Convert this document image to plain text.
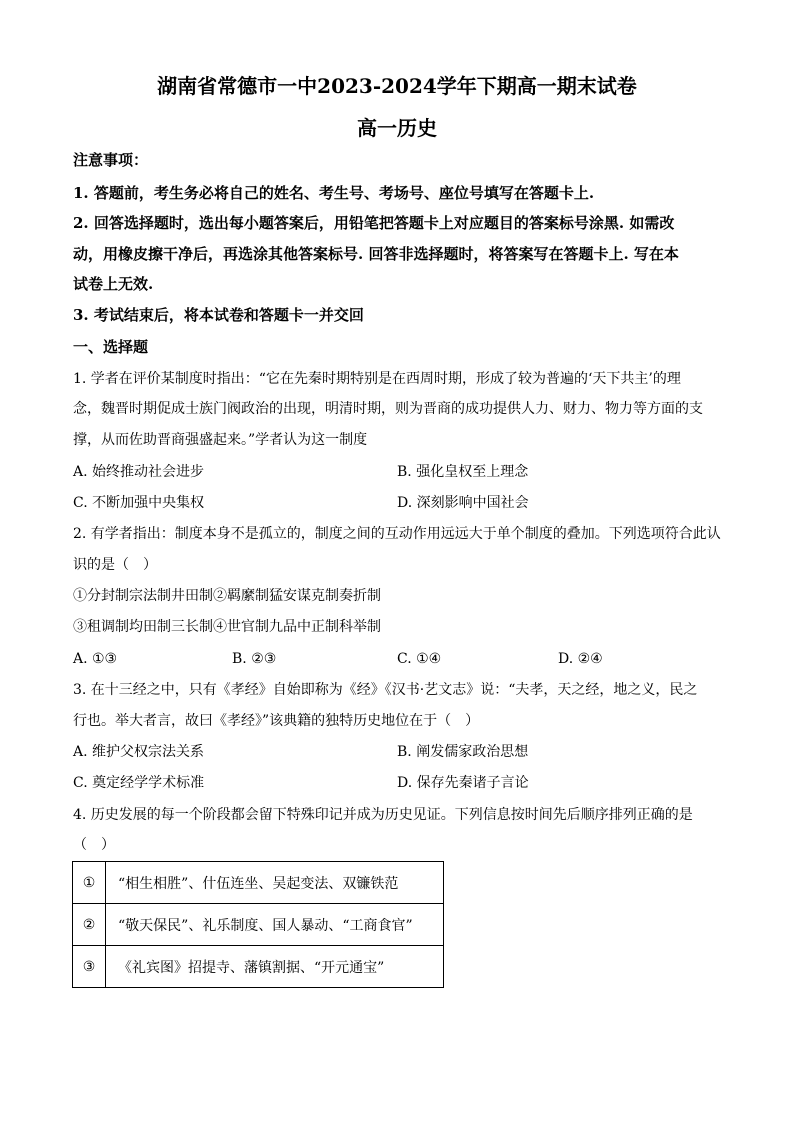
湖南省常德市一中2023-2024学年下期高一期末试卷
高一历史
注意事项：
1. 答题前，考生务必将自己的姓名、考生号、考场号、座位号填写在答题卡上.
2. 回答选择题时，选出每小题答案后，用铅笔把答题卡上对应题目的答案标号涂黑. 如需改
动，用橡皮擦干净后，再选涂其他答案标号. 回答非选择题时，将答案写在答题卡上. 写在本
试卷上无效.
3. 考试结束后，将本试卷和答题卡一并交回
一、选择题
1. 学者在评价某制度时指出：“它在先秦时期特别是在西周时期，形成了较为普遍的‘天下共主’的理
念，魏晋时期促成士族门阀政治的出现，明清时期，则为晋商的成功提供人力、财力、物力等方面的支
撑，从而佐助晋商强盛起来。”学者认为这一制度
A. 始终推动社会进步	B. 强化皇权至上理念
C. 不断加强中央集权	D. 深刻影响中国社会
2. 有学者指出：制度本身不是孤立的，制度之间的互动作用远远大于单个制度的叠加。下列选项符合此认
识的是（　）
①分封制宗法制井田制②羁縻制猛安谋克制奏折制
③租调制均田制三长制④世官制九品中正制科举制
A. ①③	B. ②③	C. ①④	D. ②④
3. 在十三经之中，只有《孝经》自始即称为《经》《汉书·艺文志》说：“夫孝，天之经，地之义，民之
行也。举大者言，故曰《孝经》”该典籍的独特历史地位在于（　）
A. 维护父权宗法关系	B. 阐发儒家政治思想
C. 奠定经学学术标准	D. 保存先秦诸子言论
4. 历史发展的每一个阶段都会留下特殊印记并成为历史见证。下列信息按时间先后顺序排列正确的是
（　）
①	“相生相胜”、什伍连坐、吴起变法、双镰铁范
②	“敬天保民”、礼乐制度、国人暴动、“工商食官”
③	《礼宾图》招提寺、藩镇割据、“开元通宝”
